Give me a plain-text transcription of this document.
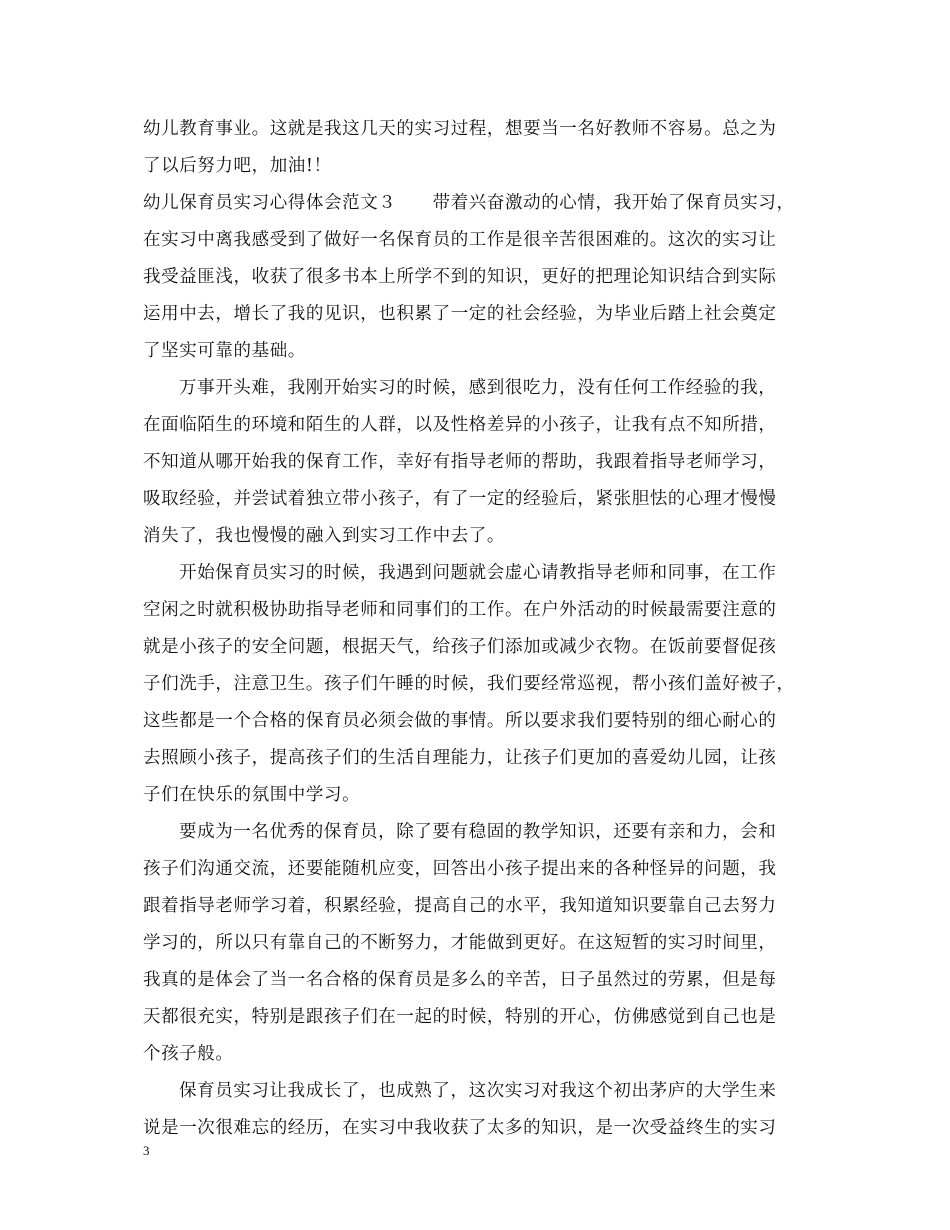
幼儿教育事业。这就是我这几天的实习过程，想要当一名好教师不容易。总之为
了以后努力吧，加油!！
幼儿保育员实习心得体会范文３　　带着兴奋激动的心情，我开始了保育员实习，
在实习中离我感受到了做好一名保育员的工作是很辛苦很困难的。这次的实习让
我受益匪浅，收获了很多书本上所学不到的知识，更好的把理论知识结合到实际
运用中去，增长了我的见识，也积累了一定的社会经验，为毕业后踏上社会奠定
了坚实可靠的基础。
万事开头难，我刚开始实习的时候，感到很吃力，没有任何工作经验的我，
在面临陌生的环境和陌生的人群，以及性格差异的小孩子，让我有点不知所措，
不知道从哪开始我的保育工作，幸好有指导老师的帮助，我跟着指导老师学习，
吸取经验，并尝试着独立带小孩子，有了一定的经验后，紧张胆怯的心理才慢慢
消失了，我也慢慢的融入到实习工作中去了。
开始保育员实习的时候，我遇到问题就会虚心请教指导老师和同事，在工作
空闲之时就积极协助指导老师和同事们的工作。在户外活动的时候最需要注意的
就是小孩子的安全问题，根据天气，给孩子们添加或减少衣物。在饭前要督促孩
子们洗手，注意卫生。孩子们午睡的时候，我们要经常巡视，帮小孩们盖好被子，
这些都是一个合格的保育员必须会做的事情。所以要求我们要特别的细心耐心的
去照顾小孩子，提高孩子们的生活自理能力，让孩子们更加的喜爱幼儿园，让孩
子们在快乐的氛围中学习。
要成为一名优秀的保育员，除了要有稳固的教学知识，还要有亲和力，会和
孩子们沟通交流，还要能随机应变，回答出小孩子提出来的各种怪异的问题，我
跟着指导老师学习着，积累经验，提高自己的水平，我知道知识要靠自己去努力
学习的，所以只有靠自己的不断努力，才能做到更好。在这短暂的实习时间里，
我真的是体会了当一名合格的保育员是多么的辛苦，日子虽然过的劳累，但是每
天都很充实，特别是跟孩子们在一起的时候，特别的开心，仿佛感觉到自己也是
个孩子般。
保育员实习让我成长了，也成熟了，这次实习对我这个初出茅庐的大学生来
说是一次很难忘的经历，在实习中我收获了太多的知识，是一次受益终生的实习
3
